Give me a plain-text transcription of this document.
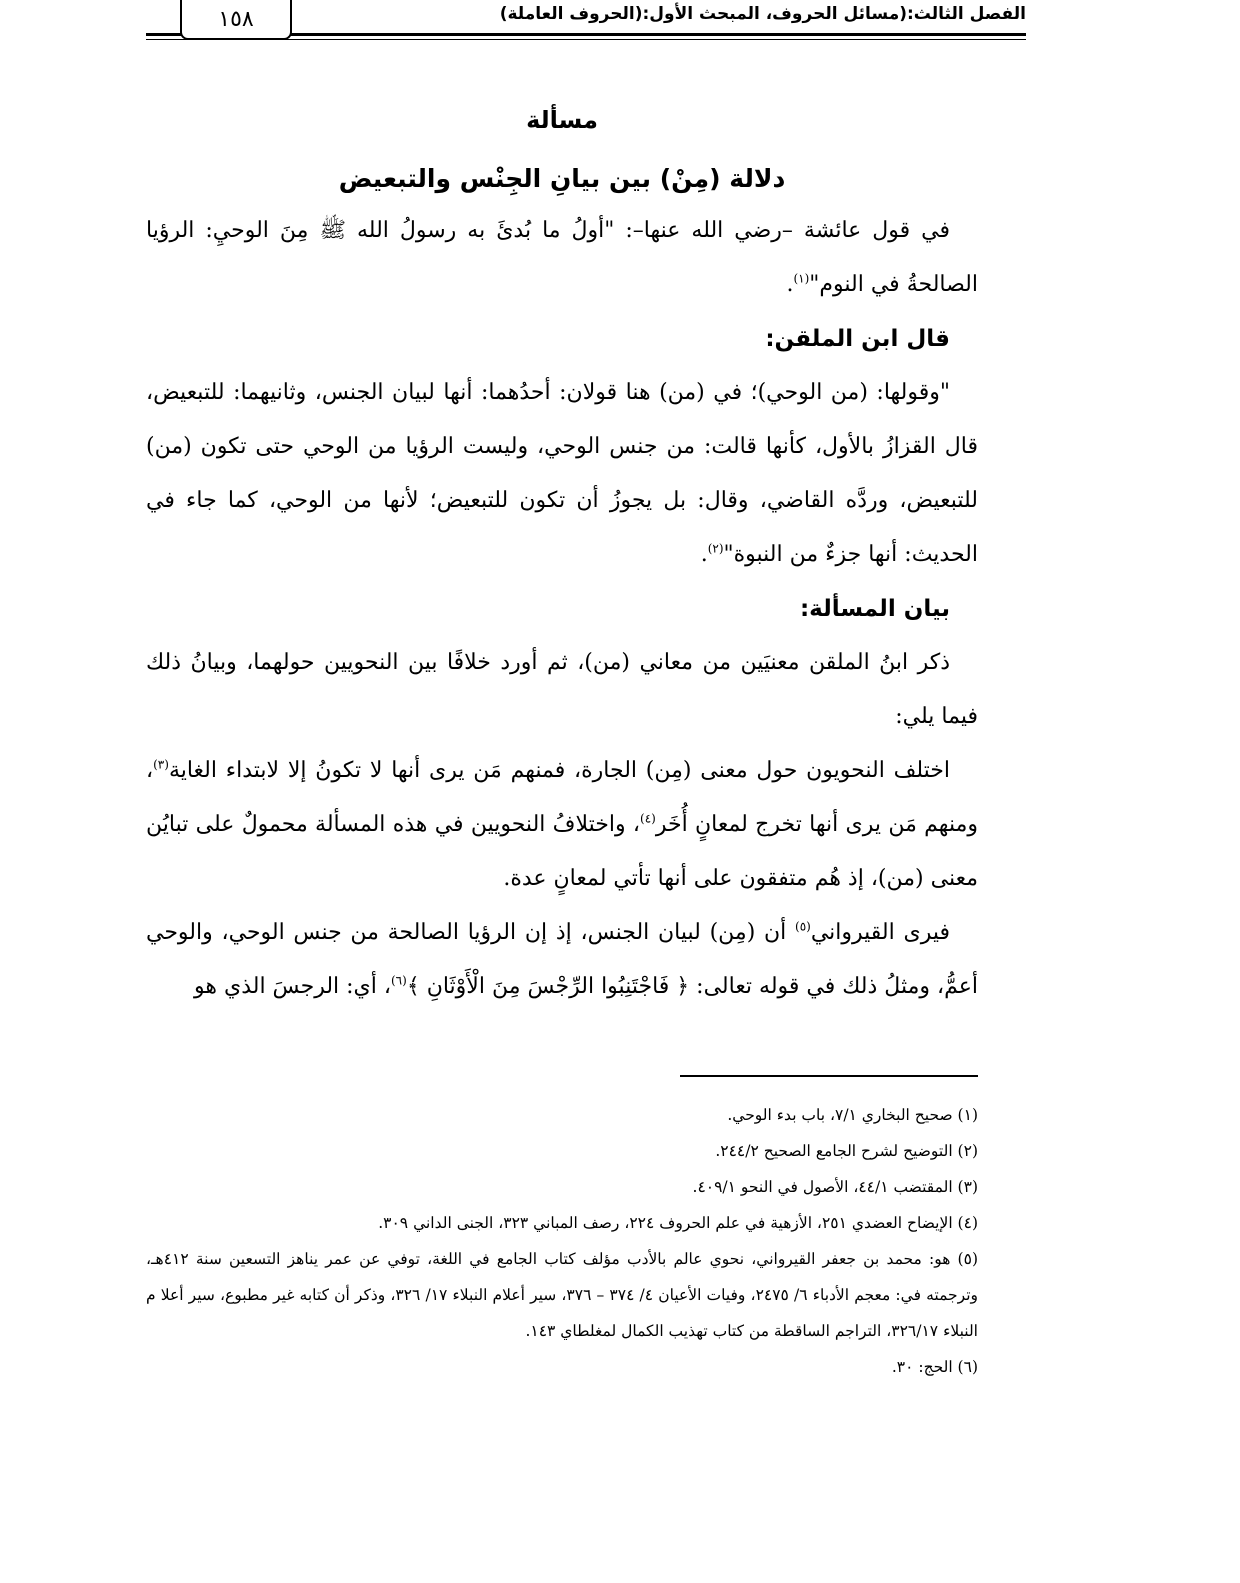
الفصل الثالث:(مسائل الحروف، المبحث الأول:(الحروف العاملة)
١٥٨
مسألة
دلالة (مِنْ) بين بيانِ الجِنْس والتبعيض

في قول عائشة –رضي الله عنها–: "أولُ ما بُدئَ به رسولُ الله ﷺ مِنَ الوحيِ: الرؤيا الصالحةُ في النوم"$^{(١)}$.

قال ابن الملقن:

"وقولها: (من الوحي)؛ في (من) هنا قولان: أحدُهما: أنها لبيان الجنس، وثانيهما: للتبعيض، قال القزازُ بالأول، كأنها قالت: من جنس الوحي، وليست الرؤيا من الوحي حتى تكون (من) للتبعيض، وردَّه القاضي، وقال: بل يجوزُ أن تكون للتبعيض؛ لأنها من الوحي، كما جاء في الحديث: أنها جزءٌ من النبوة"$^{(٢)}$.

بيان المسألة:

ذكر ابنُ الملقن معنيَين من معاني (من)، ثم أورد خلافًا بين النحويين حولهما، وبيانُ ذلك فيما يلي:

اختلف النحويون حول معنى (مِن) الجارة، فمنهم مَن يرى أنها لا تكونُ إلا لابتداء الغاية$^{(٣)}$، ومنهم مَن يرى أنها تخرج لمعانٍ أُخَر$^{(٤)}$، واختلافُ النحويين في هذه المسألة محمولٌ على تبايُن معنى (من)، إذ هُم متفقون على أنها تأتي لمعانٍ عدة.

فيرى القيرواني$^{(٥)}$ أن (مِن) لبيان الجنس، إذ إن الرؤيا الصالحة من جنس الوحي، والوحي أعمُّ، ومثلُ ذلك في قوله تعالى: ﴿ فَاجْتَنِبُوا الرِّجْسَ مِنَ الْأَوْثَانِ ﴾$^{(٦)}$، أي: الرجسَ الذي هو

(١) صحيح البخاري ٧/١، باب بدء الوحي.

(٢) التوضيح لشرح الجامع الصحيح ٢٤٤/٢.

(٣) المقتضب ٤٤/١، الأصول في النحو ٤٠٩/١.

(٤) الإيضاح العضدي ٢٥١، الأزهية في علم الحروف ٢٢٤، رصف المباني ٣٢٣، الجنى الداني ٣٠٩.

(٥) هو: محمد بن جعفر القيرواني، نحوي عالم بالأدب مؤلف كتاب الجامع في اللغة، توفي عن عمر يناهز التسعين سنة ٤١٢هـ، وترجمته في: معجم الأدباء ٦/ ٢٤٧٥، وفيات الأعيان ٤/ ٣٧٤ – ٣٧٦، سير أعلام النبلاء ١٧/ ٣٢٦، وذكر أن كتابه غير مطبوع، سير أعلا م النبلاء ٣٢٦/١٧، التراجم الساقطة من كتاب تهذيب الكمال لمغلطاي ١٤٣.

(٦) الحج: ٣٠.
